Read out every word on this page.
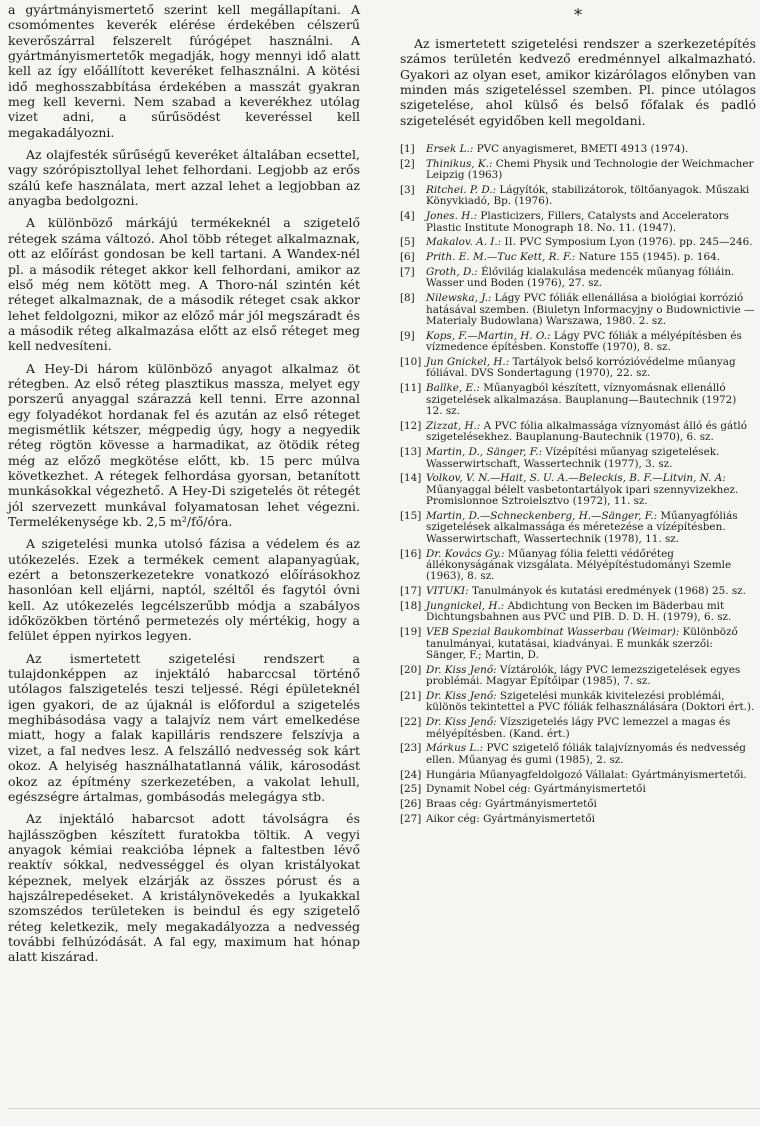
a gyártmányismertető szerint kell megállapítani. A csomómentes keverék elérése érdekében célszerű keverőszárral felszerelt fúrógépet használni. A gyártmányismertetők megadják, hogy mennyi idő alatt kell az így előállított keveréket felhasználni. A kötési idő meghosszabbítása érdekében a masszát gyakran meg kell keverni. Nem szabad a keverékhez utólag vizet adni, a sűrűsödést keveréssel kell megakadályozni.

Az olajfesték sűrűségű keveréket általában ecsettel, vagy szórópisztollyal lehet felhordani. Legjobb az erős szálú kefe használata, mert azzal lehet a legjobban az anyagba bedolgozni.

A különböző márkájú termékeknél a szigetelő rétegek száma változó. Ahol több réteget alkalmaznak, ott az előírást gondosan be kell tartani. A Wandex-nél pl. a második réteget akkor kell felhordani, amikor az első még nem kötött meg. A Thoro-nál szintén két réteget alkalmaznak, de a második réteget csak akkor lehet feldolgozni, mikor az előző már jól megszáradt és a második réteg alkalmazása előtt az első réteget meg kell nedvesíteni.

A Hey-Di három különböző anyagot alkalmaz öt rétegben. Az első réteg plasztikus massza, melyet egy porszerű anyaggal szárazzá kell tenni. Erre azonnal egy folyadékot hordanak fel és azután az első réteget megismétlik kétszer, mégpedig úgy, hogy a negyedik réteg rögtön kövesse a harmadikat, az ötödik réteg még az előző megkötése előtt, kb. 15 perc múlva következhet. A rétegek felhordása gyorsan, betanított munkásokkal végezhető. A Hey-Di szigetelés öt rétegét jól szervezett munkával folyamatosan lehet végezni. Termelékenysége kb. 2,5 m²/fő/óra.

A szigetelési munka utolsó fázisa a védelem és az utókezelés. Ezek a termékek cement alapanyagúak, ezért a betonszerkezetekre vonatkozó előírásokhoz hasonlóan kell eljárni, naptól, széltől és fagytól óvni kell. Az utókezelés legcélszerűbb módja a szabályos időközökben történő permetezés oly mértékig, hogy a felület éppen nyirkos legyen.

Az ismertetett szigetelési rendszert a tulajdonképpen az injektáló habarccsal történő utólagos falszigetelés teszi teljessé. Régi épületeknél igen gyakori, de az újaknál is előfordul a szigetelés meghibásodása vagy a talajvíz nem várt emelkedése miatt, hogy a falak kapilláris rendszere felszívja a vizet, a fal nedves lesz. A felszálló nedvesség sok kárt okoz. A helyiség használhatatlanná válik, károsodást okoz az építmény szerkezetében, a vakolat lehull, egészségre ártalmas, gombásodás melegágya stb.

Az injektáló habarcsot adott távolságra és hajlásszögben készített furatokba töltik. A vegyi anyagok kémiai reakcióba lépnek a faltestben lévő reaktív sókkal, nedvességgel és olyan kristályokat képeznek, melyek elzárják az összes pórust és a hajszálrepedéseket. A kristálynövekedés a lyukakkal szomszédos területeken is beindul és egy szigetelő réteg keletkezik, mely megakadályozza a nedvesség további felhúzódását. A fal egy, maximum hat hónap alatt kiszárad.

∗

Az ismertetett szigetelési rendszer a szerkezetépítés számos területén kedvező eredménnyel alkalmazható. Gyakori az olyan eset, amikor kizárólagos előnyben van minden más szigeteléssel szemben. Pl. pince utólagos szigetelése, ahol külső és belső főfalak és padló szigetelését egyidőben kell megoldani.

[1] Ersek L.: PVC anyagismeret, BMETI 4913 (1974).
[2] Thinikus, K.: Chemi Physik und Technologie der Weichmacher Leipzig (1963)
[3] Ritchei. P. D.: Lágyítók, stabilizátorok, töltőanyagok. Műszaki Könyvkiadó, Bp. (1976).
[4] Jones. H.: Plasticizers, Fillers, Catalysts and Accelerators Plastic Institute Monograph 18. No. 11. (1947).
[5] Makalov. A. I.: II. PVC Symposium Lyon (1976). pp. 245—246.
[6] Prith. E. M.—Tuc Kett, R. F.: Nature 155 (1945). p. 164.
[7] Groth, D.: Élővilág kialakulása medencék műanyag fóliáin. Wasser und Boden (1976), 27. sz.
[8] Nilewska, J.: Lágy PVC fóliák ellenállása a biológiai korrózió hatásával szemben. (Biuletyn Informacyjny o Budownictivie — Materialy Budowlana) Warszawa, 1980. 2. sz.
[9] Kops, F.—Martin, H. O.: Lágy PVC fóliák a mélyépítésben és vízmedence építésben. Konstoffe (1970), 8. sz.
[10] Jun Gnickel, H.: Tartályok belső korrózióvédelme műanyag fóliával. DVS Sondertagung (1970), 22. sz.
[11] Ballke, E.: Műanyagból készített, víznyomásnak ellenálló szigetelések alkalmazása. Bauplanung—Bautechnik (1972) 12. sz.
[12] Zizzat, H.: A PVC fólia alkalmassága víznyomást álló és gátló szigetelésekhez. Bauplanung-Bautechnik (1970), 6. sz.
[13] Martin, D., Sänger, F.: Vízépítési műanyag szigetelések. Wasserwirtschaft, Wassertechnik (1977), 3. sz.
[14] Volkov, V. N.—Hait, S. U. A.—Beleckis, B. F.—Litvin, N. A: Műanyaggal bélelt vasbetontartályok ipari szennyvizekhez. Promislonnoe Sztroielsztvo (1972), 11. sz.
[15] Martin, D.—Schneckenberg, H.—Sänger, F.: Műanyagfóliás szigetelések alkalmassága és méretezése a vízépítésben. Wasserwirtschaft, Wassertechnik (1978), 11. sz.
[16] Dr. Kovács Gy.: Műanyag fólia feletti védőréteg állékonyságának vizsgálata. Mélyépítéstudományi Szemle (1963), 8. sz.
[17] VITUKI: Tanulmányok és kutatási eredmények (1968) 25. sz.
[18] Jungnickel, H.: Abdichtung von Becken im Bäderbau mit Dichtungsbahnen aus PVC und PIB. D. D. H. (1979), 6. sz.
[19] VEB Spezial Baukombinat Wasserbau (Weimar): Különböző tanulmányai, kutatásai, kiadványai. E munkák szerzői: Sänger, F.; Martin, D.
[20] Dr. Kiss Jenő: Víztárolók, lágy PVC lemezszigetelések egyes problémái. Magyar Építőipar (1985), 7. sz.
[21] Dr. Kiss Jenő: Szigetelési munkák kivitelezési problémái, különös tekintettel a PVC fóliák felhasználására (Doktori ért.).
[22] Dr. Kiss Jenő: Vízszigetelés lágy PVC lemezzel a magas és mélyépítésben. (Kand. ért.)
[23] Márkus L.: PVC szigetelő fóliák talajvíznyomás és nedvesség ellen. Műanyag és gumi (1985), 2. sz.
[24] Hungária Műanyagfeldolgozó Vállalat: Gyártmányismertetői.
[25] Dynamit Nobel cég: Gyártmányismertetői
[26] Braas cég: Gyártmányismertetői
[27] Aikor cég: Gyártmányismertetői
